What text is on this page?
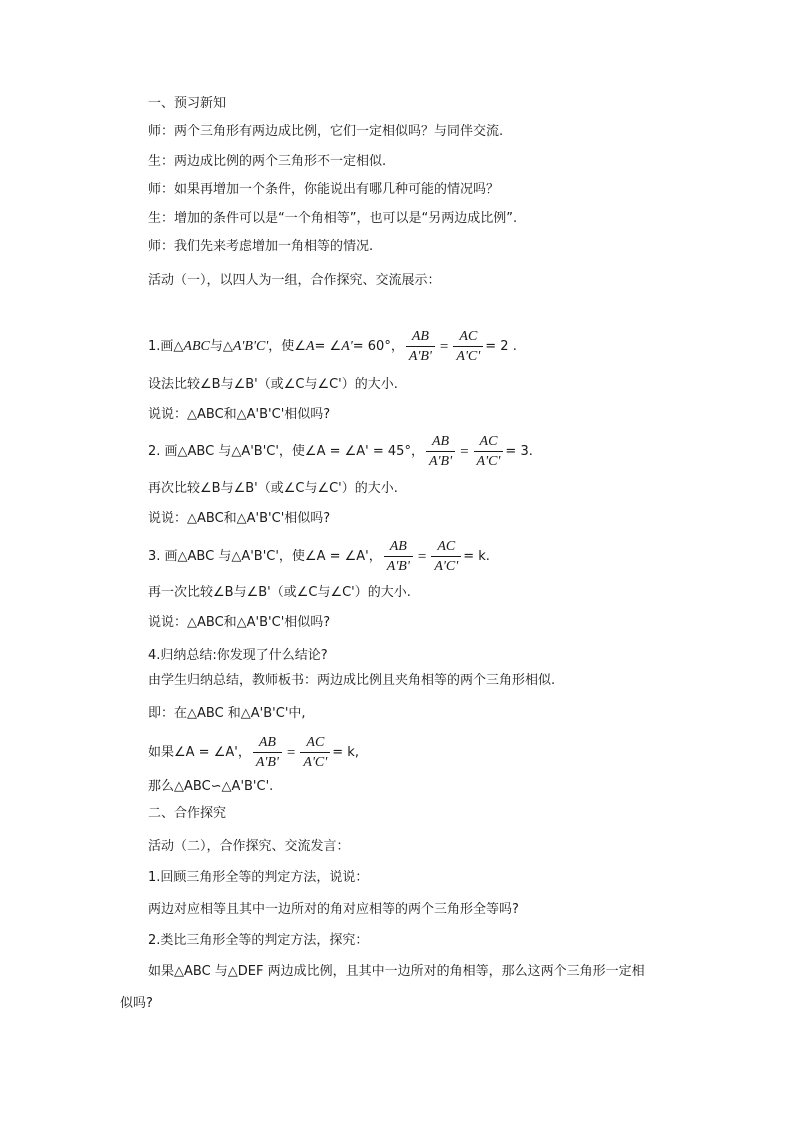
一、预习新知
师：两个三角形有两边成比例，它们一定相似吗？与同伴交流.
生：两边成比例的两个三角形不一定相似.
师：如果再增加一个条件，你能说出有哪几种可能的情况吗？
生：增加的条件可以是“一个角相等”，也可以是“另两边成比例”.
师：我们先来考虑增加一角相等的情况.
活动（一），以四人为一组，合作探究、交流展示：
1.画△ ABC 与△ A'B'C' ，使∠ A = ∠ A' = 60°， $\frac{AB}{A'B'} = \frac{AC}{A'C'} = 2$ .
设法比较∠B与∠B'（或∠C与∠C'）的大小.
说说：△ABC和△A'B'C'相似吗?
2. 画△ABC 与△A'B'C'，使∠A = ∠A' = 45°， $\frac{AB}{A'B'} = \frac{AC}{A'C'} = 3$.
再次比较∠B与∠B'（或∠C与∠C'）的大小.
说说：△ABC和△A'B'C'相似吗?
3. 画△ABC 与△A'B'C'，使∠A = ∠A'， $\frac{AB}{A'B'} = \frac{AC}{A'C'} = k$.
再一次比较∠B与∠B'（或∠C与∠C'）的大小.
说说：△ABC和△A'B'C'相似吗?
4.归纳总结:你发现了什么结论?
由学生归纳总结，教师板书：两边成比例且夹角相等的两个三角形相似.
即：在△ABC 和△A'B'C'中,
如果∠A = ∠A'， $\frac{AB}{A'B'} = \frac{AC}{A'C'} = k$,
那么△ABC∽△A'B'C'.
二、合作探究
活动（二），合作探究、交流发言：
1.回顾三角形全等的判定方法，说说：
两边对应相等且其中一边所对的角对应相等的两个三角形全等吗?
2.类比三角形全等的判定方法，探究：
如果△ABC 与△DEF 两边成比例，且其中一边所对的角相等，那么这两个三角形一定相
似吗?
